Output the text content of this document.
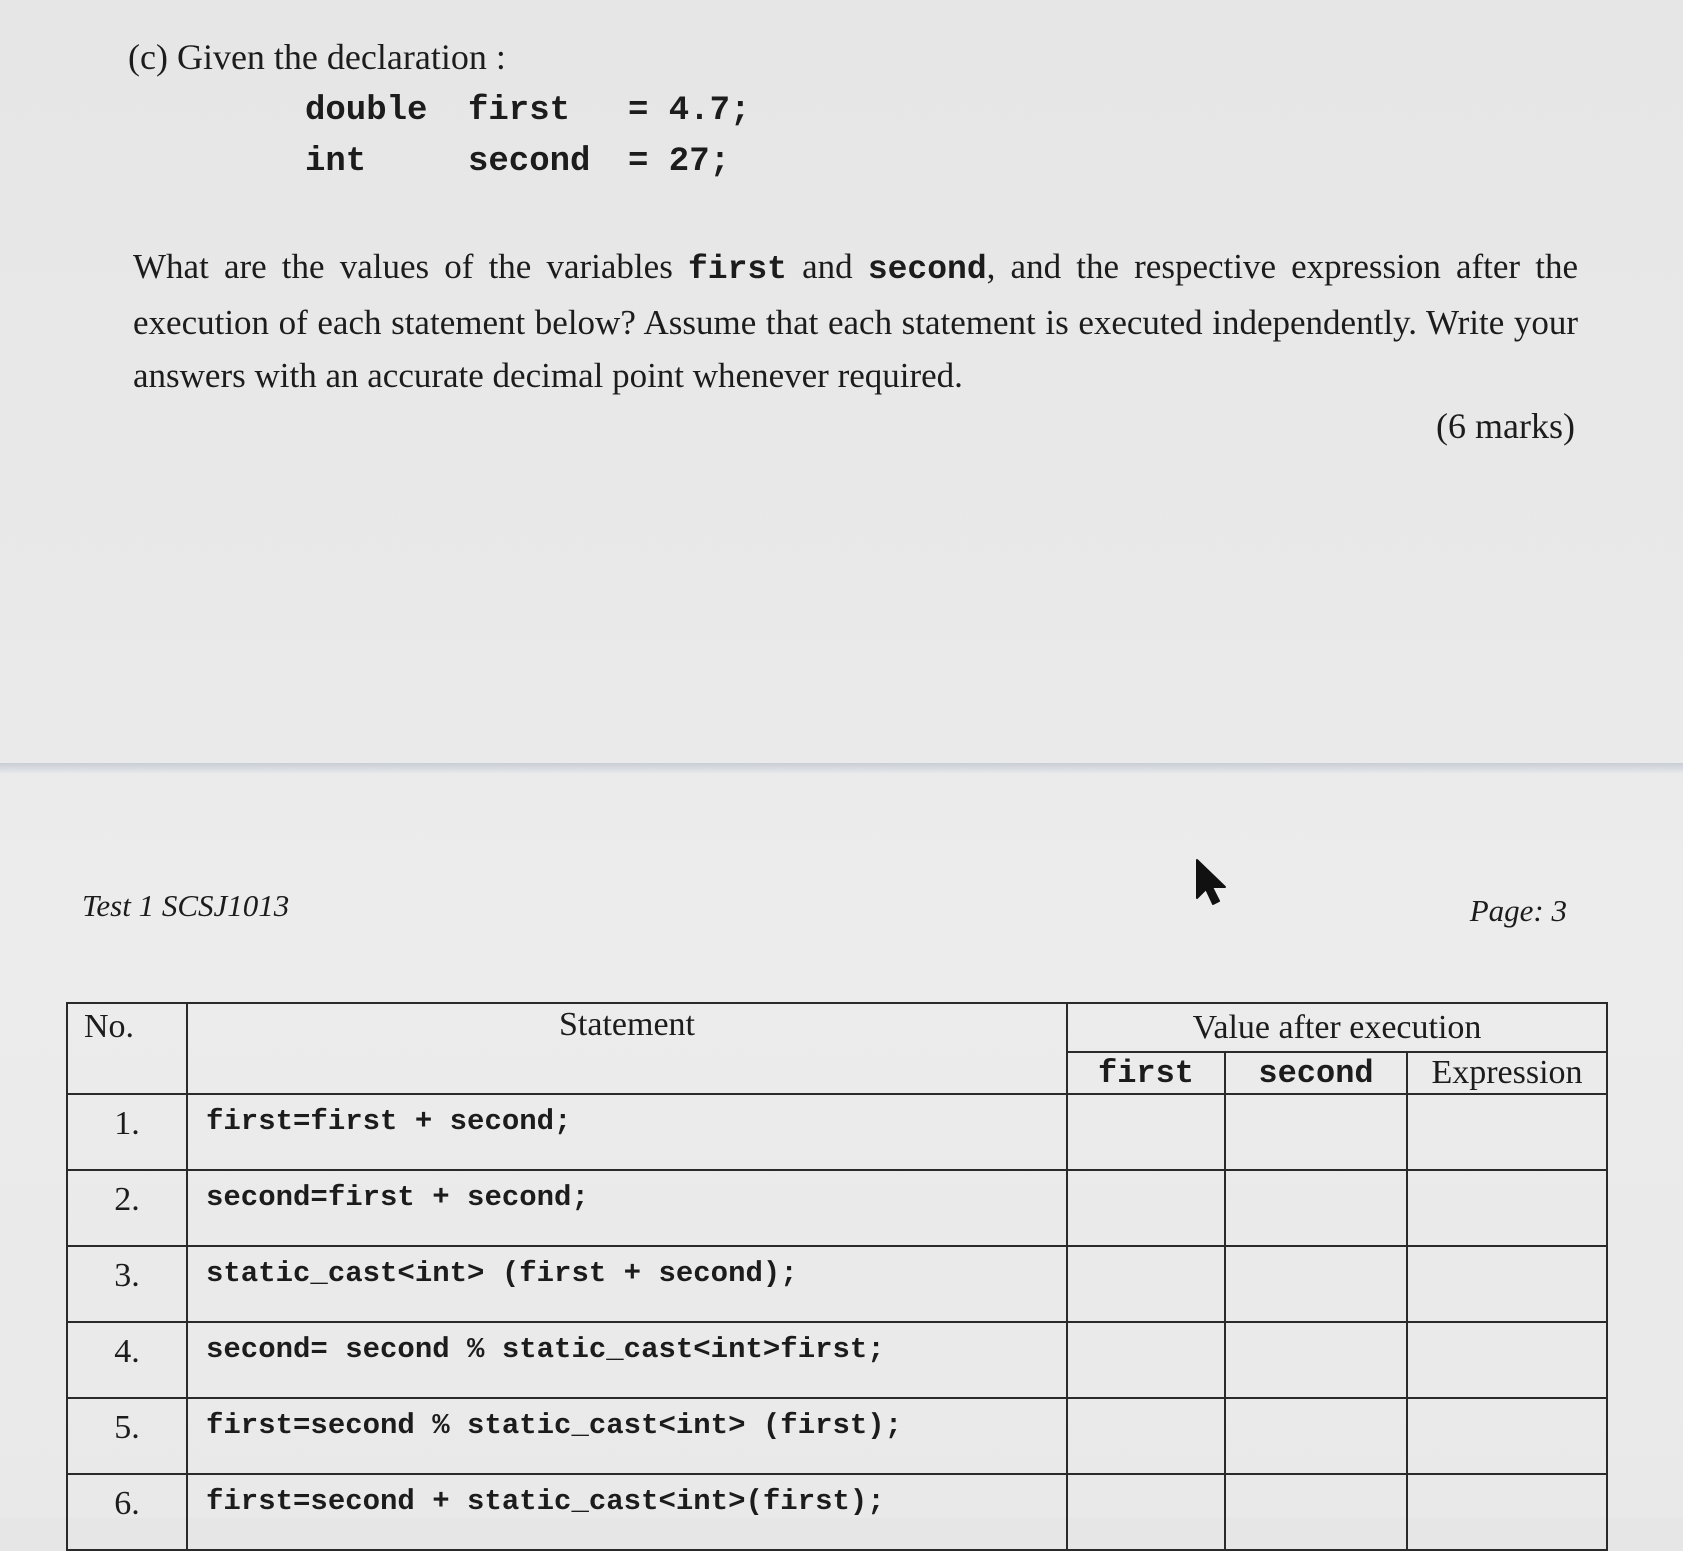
(c) Given the declaration :
double first = 4.7;
int	second = 27;
What are the values of the variables first and second, and the respective expression after the execution of each statement below? Assume that each statement is executed independently. Write your answers with an accurate decimal point whenever required.
(6 marks)
Test 1 SCSJ1013	Page: 3
No.	Statement	Value after execution		
		first	second	Expression
1.	first=first + second;			
2.	second=first + second;			
3.	static_cast<int> (first + second);			
4.	second= second % static_cast<int>first;			
5.	first=second % static_cast<int> (first);			
6.	first=second + static_cast<int>(first);			
